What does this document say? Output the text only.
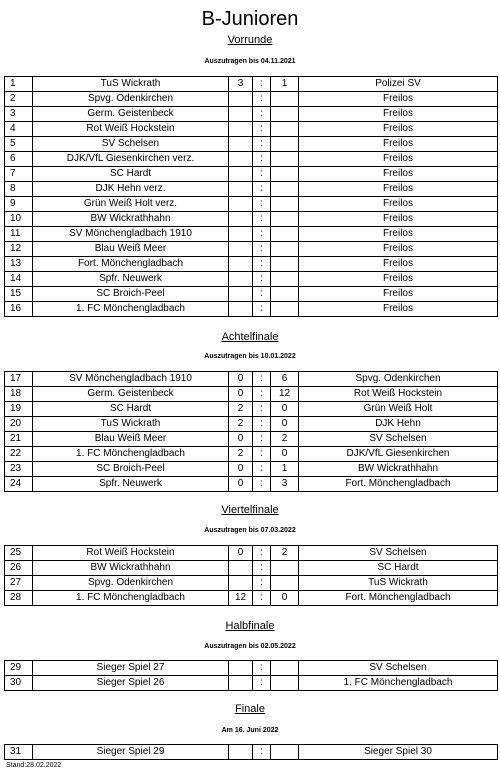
B-Junioren
Vorrunde
Auszutragen bis 04.11.2021
1	TuS Wickrath	3	:	1	Polizei SV
2	Spvg. Odenkirchen		:		Freilos
3	Germ. Geistenbeck		:		Freilos
4	Rot Weiß Hockstein		:		Freilos
5	SV Schelsen		:		Freilos
6	DJK/VfL Giesenkirchen verz.		:		Freilos
7	SC Hardt		:		Freilos
8	DJK Hehn verz.		:		Freilos
9	Grün Weiß Holt verz.		:		Freilos
10	BW Wickrathhahn		:		Freilos
11	SV Mönchengladbach 1910		:		Freilos
12	Blau Weiß Meer		:		Freilos
13	Fort. Mönchengladbach		:		Freilos
14	Spfr. Neuwerk		:		Freilos
15	SC Broich-Peel		:		Freilos
16	1. FC Mönchengladbach		:		Freilos
Achtelfinale
Auszutragen bis 10.01.2022
17	SV Mönchengladbach 1910	0	:	6	Spvg. Odenkirchen
18	Germ. Geistenbeck	0	:	12	Rot Weiß Hockstein
19	SC Hardt	2	:	0	Grün Weiß Holt
20	TuS Wickrath	2	:	0	DJK Hehn
21	Blau Weiß Meer	0	:	2	SV Schelsen
22	1. FC Mönchengladbach	2	:	0	DJK/VfL Giesenkirchen
23	SC Broich-Peel	0	:	1	BW Wickrathhahn
24	Spfr. Neuwerk	0	:	3	Fort. Mönchengladbach
Viertelfinale
Auszutragen bis 07.03.2022
25	Rot Weiß Hockstein	0	:	2	SV Schelsen
26	BW Wickrathhahn		:		SC Hardt
27	Spvg. Odenkirchen		:		TuS Wickrath
28	1. FC Mönchengladbach	12	:	0	Fort. Mönchengladbach
Halbfinale
Auszutragen bis 02.05.2022
29	Sieger Spiel 27		:		SV Schelsen
30	Sieger Spiel 26		:		1. FC Mönchengladbach
Finale
Am 16. Juni 2022
31	Sieger Spiel 29		:		Sieger Spiel 30
Stand:28.02.2022
